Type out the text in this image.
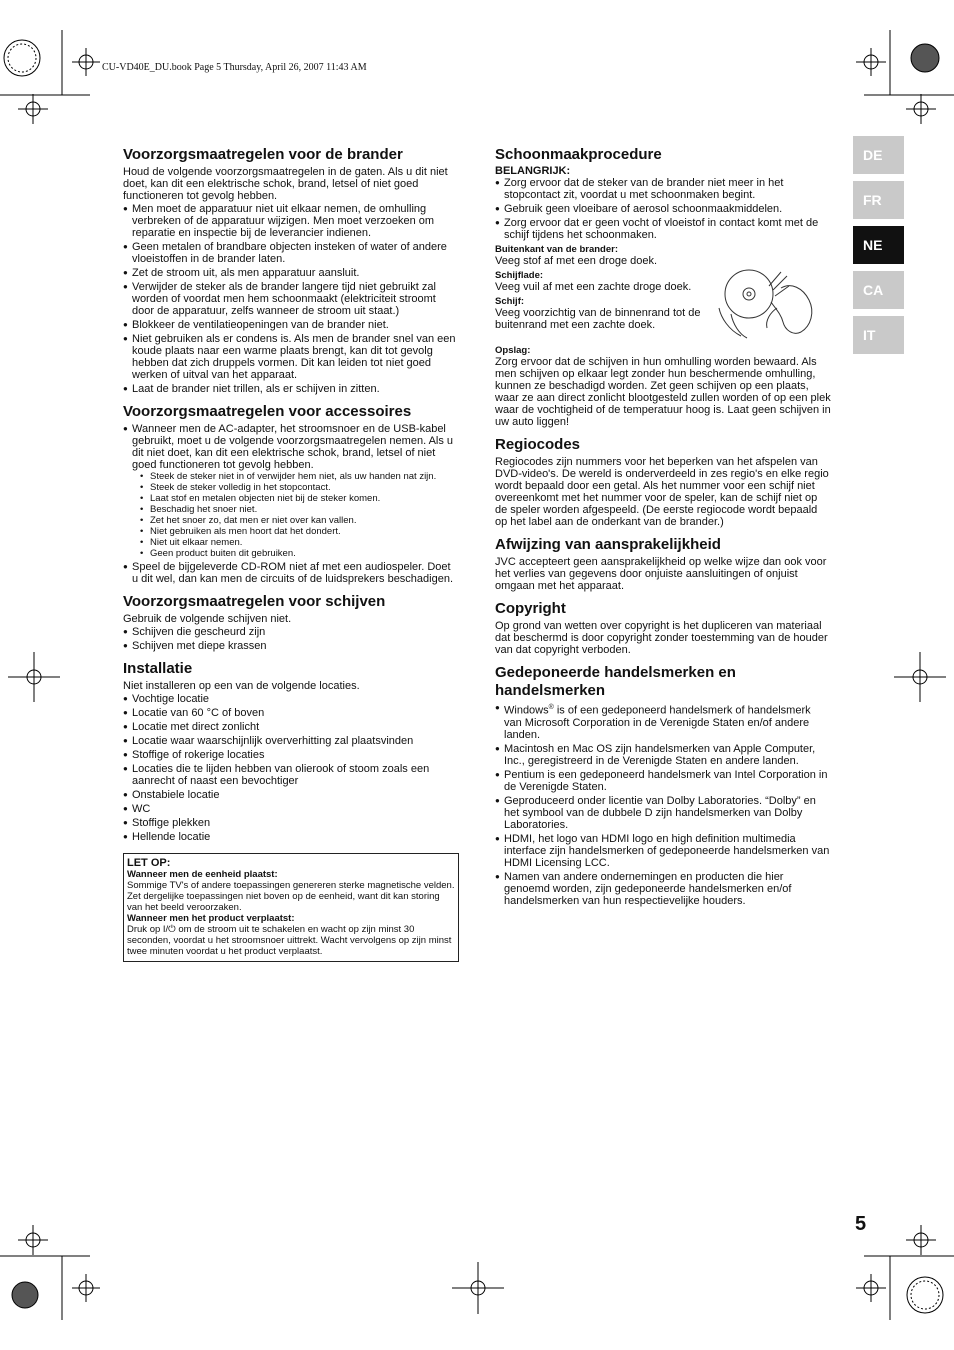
CU-VD40E_DU.book Page 5 Thursday, April 26, 2007 11:43 AM
DE
FR
NE
CA
IT
Voorzorgsmaatregelen voor de brander

Houd de volgende voorzorgsmaatregelen in de gaten. Als u dit niet doet, kan dit een elektrische schok, brand, letsel of niet goed functioneren tot gevolg hebben.

● Men moet de apparatuur niet uit elkaar nemen, de omhulling verbreken of de apparatuur wijzigen. Men moet verzoeken om reparatie en inspectie bij de leverancier indienen.
● Geen metalen of brandbare objecten insteken of water of andere vloeistoffen in de brander laten.
● Zet de stroom uit, als men apparatuur aansluit.
● Verwijder de steker als de brander langere tijd niet gebruikt zal worden of voordat men hem schoonmaakt (elektriciteit stroomt door de apparatuur, zelfs wanneer de stroom uit staat.)
● Blokkeer de ventilatieopeningen van de brander niet.
● Niet gebruiken als er condens is. Als men de brander snel van een koude plaats naar een warme plaats brengt, kan dit tot gevolg hebben dat zich druppels vormen. Dit kan leiden tot niet goed werken of uitval van het apparaat.
● Laat de brander niet trillen, als er schijven in zitten.
Voorzorgsmaatregelen voor accessoires
● Wanneer men de AC-adapter, het stroomsnoer en de USB-kabel gebruikt, moet u de volgende voorzorgsmaatregelen nemen. Als u dit niet doet, kan dit een elektrische schok, brand, letsel of niet goed functioneren tot gevolg hebben.
• Steek de steker niet in of verwijder hem niet, als uw handen nat zijn.
• Steek de steker volledig in het stopcontact.
• Laat stof en metalen objecten niet bij de steker komen.
• Beschadig het snoer niet.
• Zet het snoer zo, dat men er niet over kan vallen.
• Niet gebruiken als men hoort dat het dondert.
• Niet uit elkaar nemen.
• Geen product buiten dit gebruiken.
● Speel de bijgeleverde CD-ROM niet af met een audiospeler. Doet u dit wel, dan kan men de circuits of de luidsprekers beschadigen.
Voorzorgsmaatregelen voor schijven

Gebruik de volgende schijven niet.

● Schijven die gescheurd zijn
● Schijven met diepe krassen
Installatie

Niet installeren op een van de volgende locaties.

● Vochtige locatie
● Locatie van 60 °C of boven
● Locatie met direct zonlicht
● Locatie waar waarschijnlijk oververhitting zal plaatsvinden
● Stoffige of rokerige locaties
● Locaties die te lijden hebben van olierook of stoom zoals een aanrecht of naast een bevochtiger
● Onstabiele locatie
● WC
● Stoffige plekken
● Hellende locatie
LET OP:
Wanneer men de eenheid plaatst:
Sommige TV's of andere toepassingen genereren sterke magnetische velden. Zet dergelijke toepassingen niet boven op de eenheid, want dit kan storing van het beeld veroorzaken.
Wanneer men het product verplaatst:
Druk op I/⏻ om de stroom uit te schakelen en wacht op zijn minst 30 seconden, voordat u het stroomsnoer uittrekt. Wacht vervolgens op zijn minst twee minuten voordat u het product verplaatst.
Schoonmaakprocedure
BELANGRIJK:
● Zorg ervoor dat de steker van de brander niet meer in het stopcontact zit, voordat u met schoonmaken begint.
● Gebruik geen vloeibare of aerosol schoonmaakmiddelen.
● Zorg ervoor dat er geen vocht of vloeistof in contact komt met de schijf tijdens het schoonmaken.
Buitenkant van de brander:

Veeg stof af met een droge doek.

Schijflade:

Veeg vuil af met een zachte droge doek.

Schijf:

Veeg voorzichtig van de binnenrand tot de buitenrand met een zachte doek.

Opslag:

Zorg ervoor dat de schijven in hun omhulling worden bewaard. Als men schijven op elkaar legt zonder hun beschermende omhulling, kunnen ze beschadigd worden. Zet geen schijven op een plaats, waar ze aan direct zonlicht blootgesteld zullen worden of op een plek waar de vochtigheid of de temperatuur hoog is. Laat geen schijven in uw auto liggen!

Regiocodes

Regiocodes zijn nummers voor het beperken van het afspelen van DVD-video's. De wereld is onderverdeeld in zes regio's en elke regio wordt bepaald door een getal. Als het nummer voor een schijf niet overeenkomt met het nummer voor de speler, kan de schijf niet op de speler worden afgespeeld. (De eerste regiocode wordt bepaald op het label aan de onderkant van de brander.)

Afwijzing van aansprakelijkheid

JVC accepteert geen aansprakelijkheid op welke wijze dan ook voor het verlies van gegevens door onjuiste aansluitingen of onjuist omgaan met het apparaat.

Copyright

Op grond van wetten over copyright is het dupliceren van materiaal dat beschermd is door copyright zonder toestemming van de houder van dat copyright verboden.

Gedeponeerde handelsmerken en handelsmerken
● Windows® is of een gedeponeerd handelsmerk of handelsmerk van Microsoft Corporation in de Verenigde Staten en/of andere landen.
● Macintosh en Mac OS zijn handelsmerken van Apple Computer, Inc., geregistreerd in de Verenigde Staten en andere landen.
● Pentium is een gedeponeerd handelsmerk van Intel Corporation in de Verenigde Staten.
● Geproduceerd onder licentie van Dolby Laboratories. “Dolby” en het symbool van de dubbele D zijn handelsmerken van Dolby Laboratories.
● HDMI, het logo van HDMI logo en high definition multimedia interface zijn handelsmerken of gedeponeerde handelsmerken van HDMI Licensing LCC.
● Namen van andere ondernemingen en producten die hier genoemd worden, zijn gedeponeerde handelsmerken en/of handelsmerken van hun respectievelijke houders.
5
